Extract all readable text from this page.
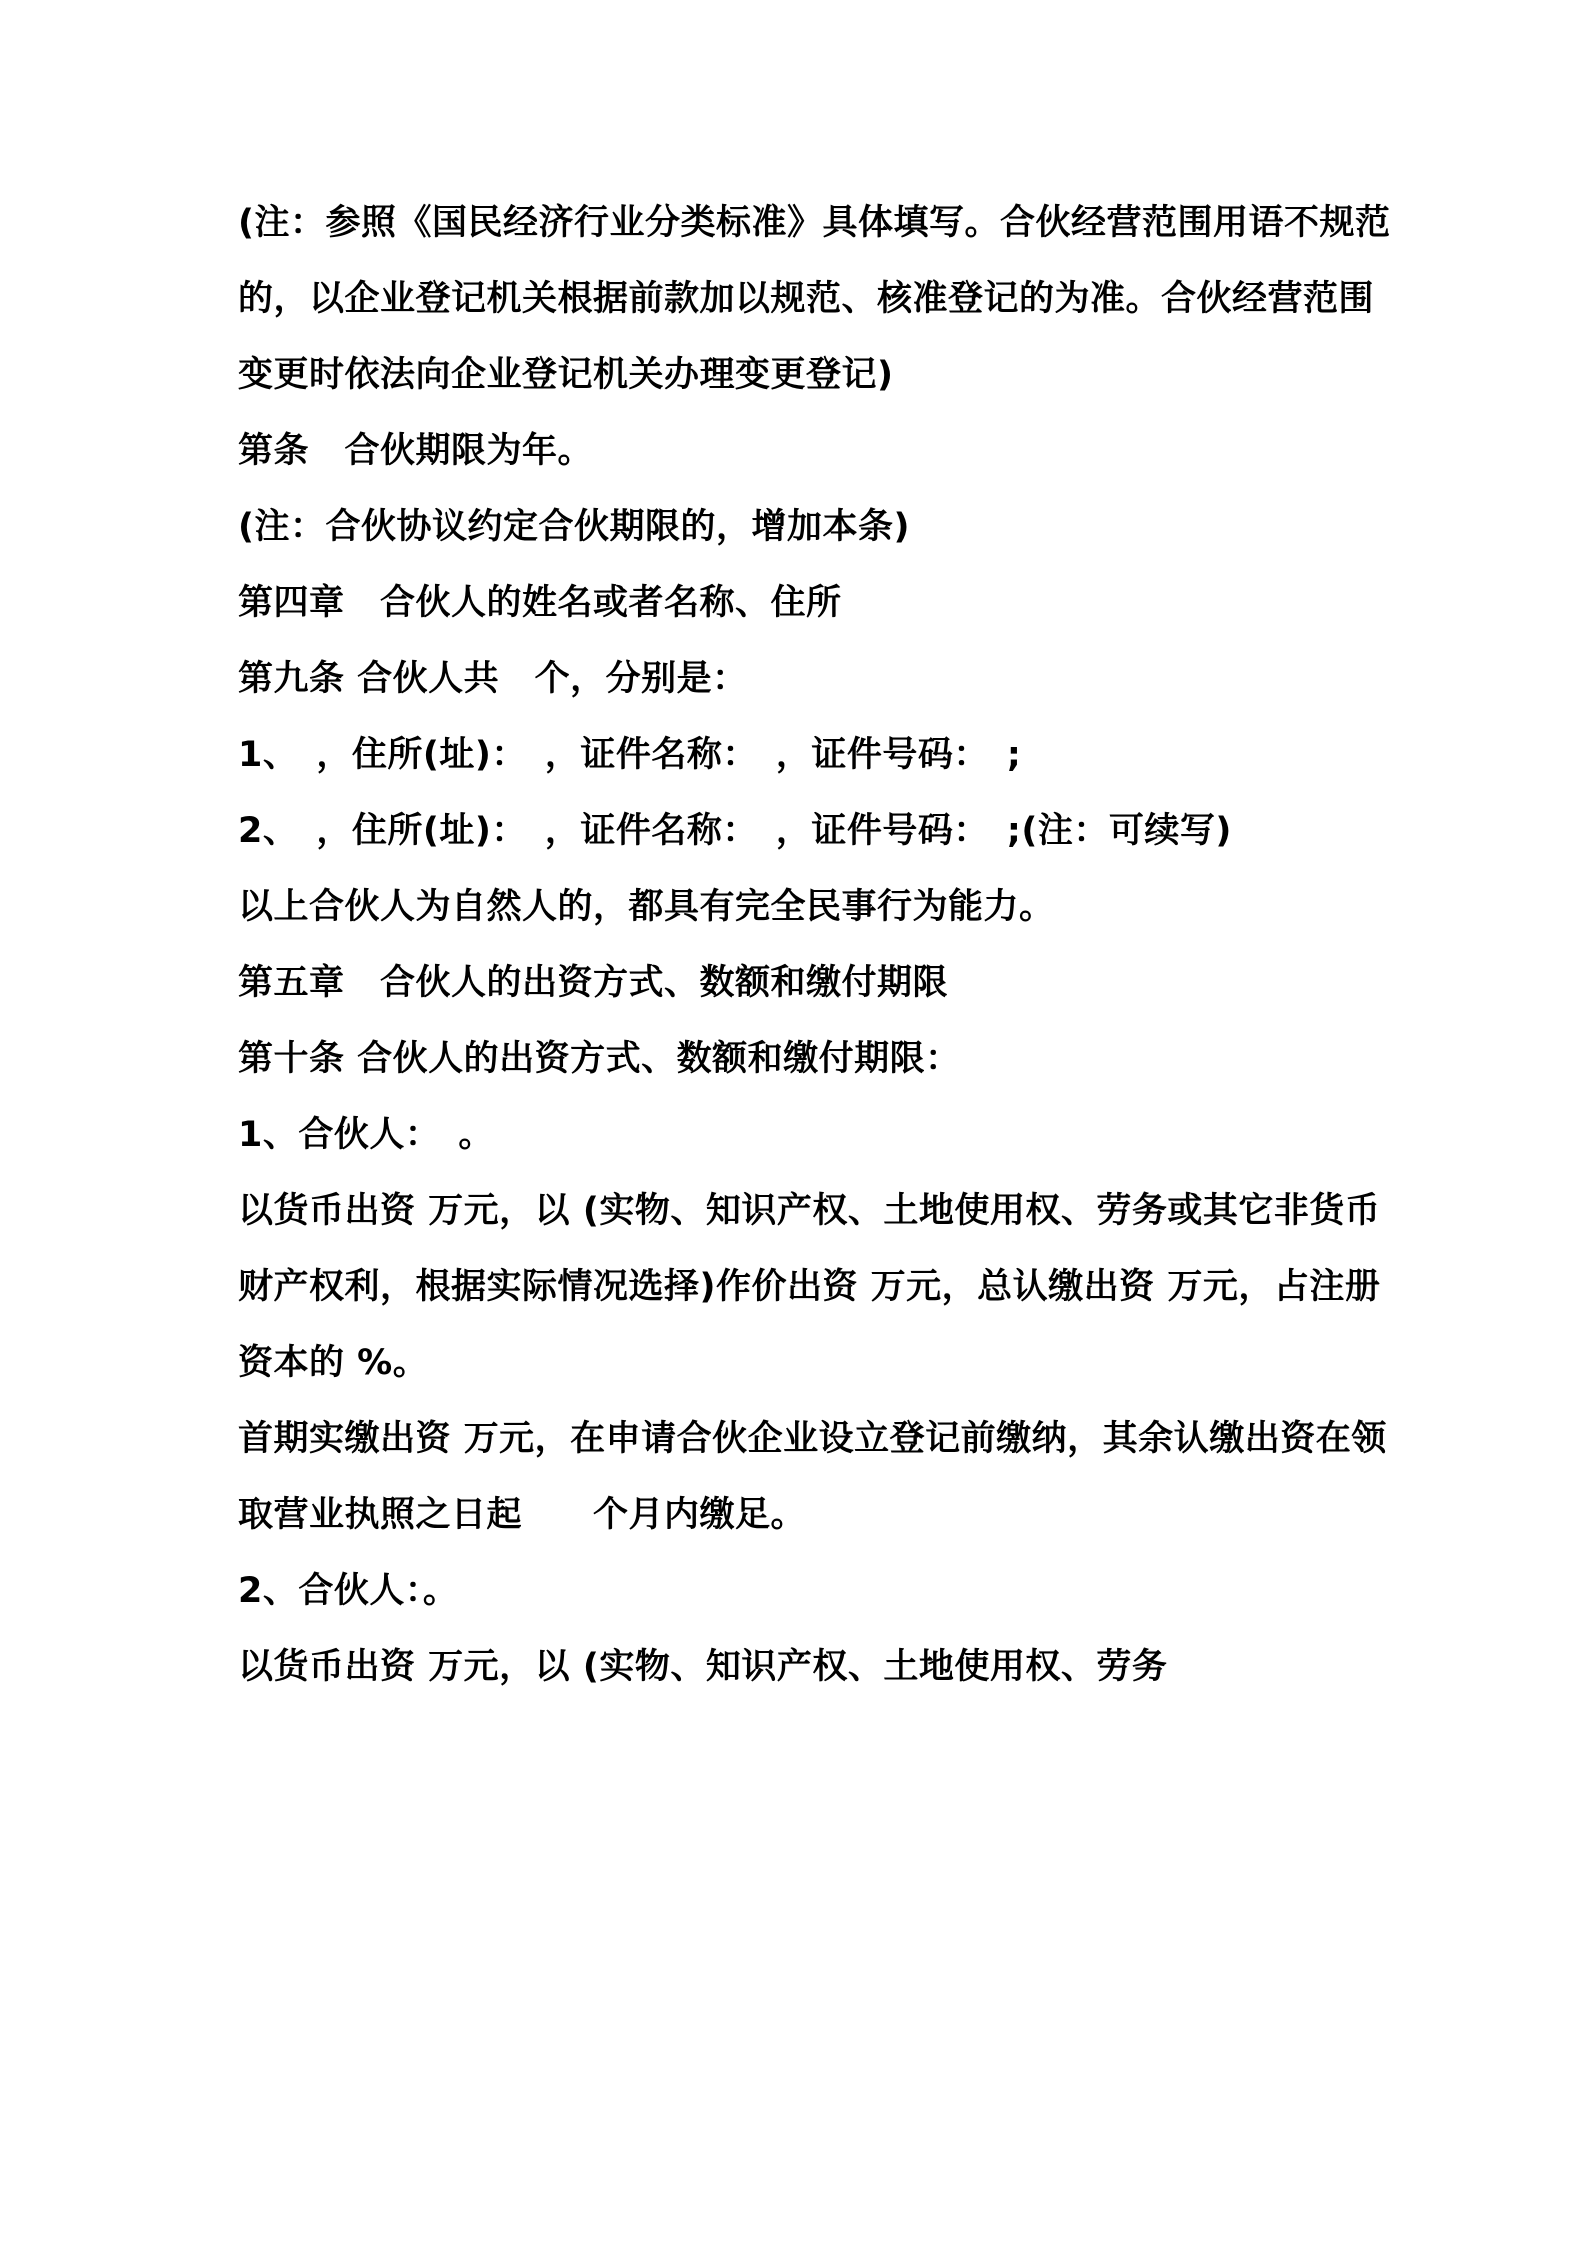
(注：参照《国民经济行业分类标准》具体填写。合伙经营范围用语不规范的，以企业登记机关根据前款加以规范、核准登记的为准。合伙经营范围变更时依法向企业登记机关办理变更登记)

第条　合伙期限为年。

(注：合伙协议约定合伙期限的，增加本条)

第四章　合伙人的姓名或者名称、住所

第九条 合伙人共　个，分别是：

1、　，住所(址)：　，证件名称：　，证件号码：　;

2、　，住所(址)：　，证件名称：　，证件号码：　;(注：可续写)

以上合伙人为自然人的，都具有完全民事行为能力。

第五章　合伙人的出资方式、数额和缴付期限

第十条 合伙人的出资方式、数额和缴付期限：

1、合伙人：　。

以货币出资 万元，以 (实物、知识产权、土地使用权、劳务或其它非货币财产权利，根据实际情况选择)作价出资 万元，总认缴出资 万元，占注册资本的 %。

首期实缴出资 万元，在申请合伙企业设立登记前缴纳，其余认缴出资在领取营业执照之日起　　个月内缴足。

2、合伙人：。

以货币出资 万元，以 (实物、知识产权、土地使用权、劳务
